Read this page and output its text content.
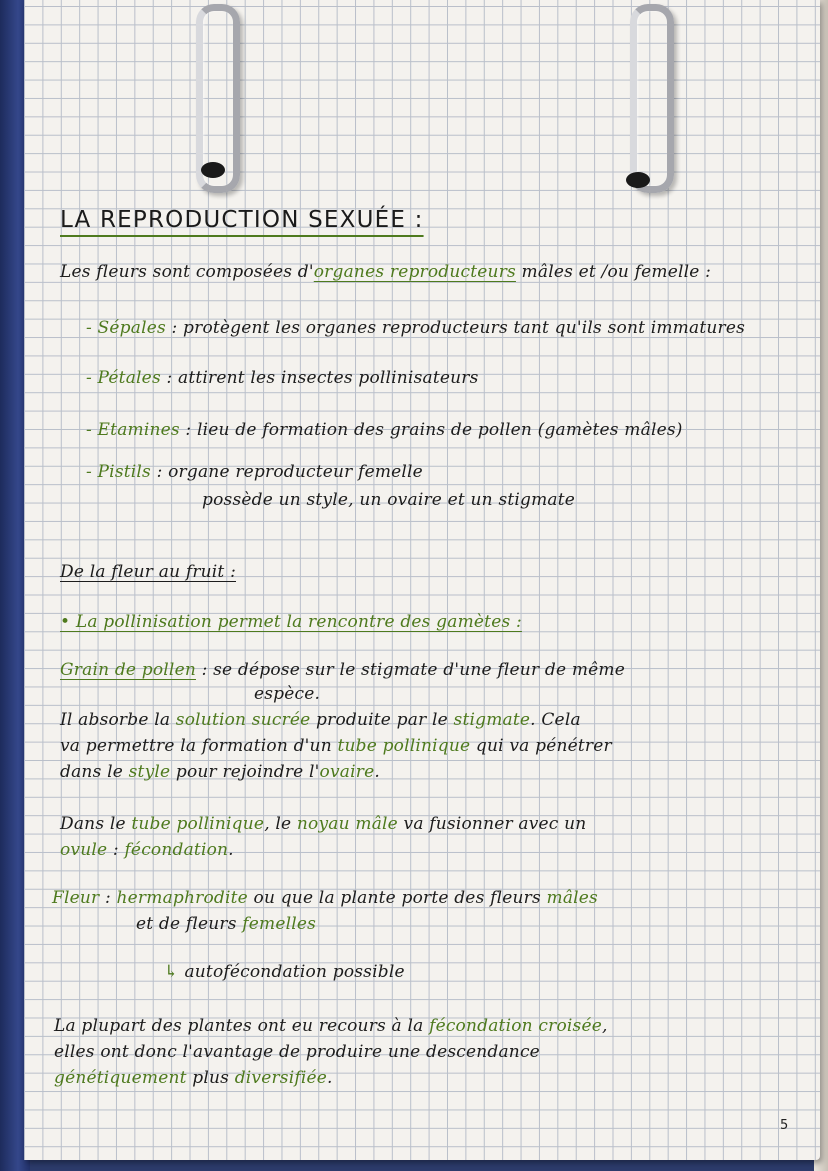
LA REPRODUCTION SEXUÉE :
Les fleurs sont composées d'organes reproducteurs mâles et /ou femelle :
- Sépales : protègent les organes reproducteurs tant qu'ils sont immatures
- Pétales : attirent les insectes pollinisateurs
- Etamines : lieu de formation des grains de pollen (gamètes mâles)
- Pistils : organe reproducteur femelle
possède un style, un ovaire et un stigmate
De la fleur au fruit :
• La pollinisation permet la rencontre des gamètes :
Grain de pollen : se dépose sur le stigmate d'une fleur de même
espèce.
Il absorbe la solution sucrée produite par le stigmate. Cela
va permettre la formation d'un tube pollinique qui va pénétrer
dans le style pour rejoindre l'ovaire.
Dans le tube pollinique, le noyau mâle va fusionner avec un
ovule : fécondation.
Fleur : hermaphrodite ou que la plante porte des fleurs mâles
et de fleurs femelles
↳ autofécondation possible
La plupart des plantes ont eu recours à la fécondation croisée,
elles ont donc l'avantage de produire une descendance
génétiquement plus diversifiée.
5
